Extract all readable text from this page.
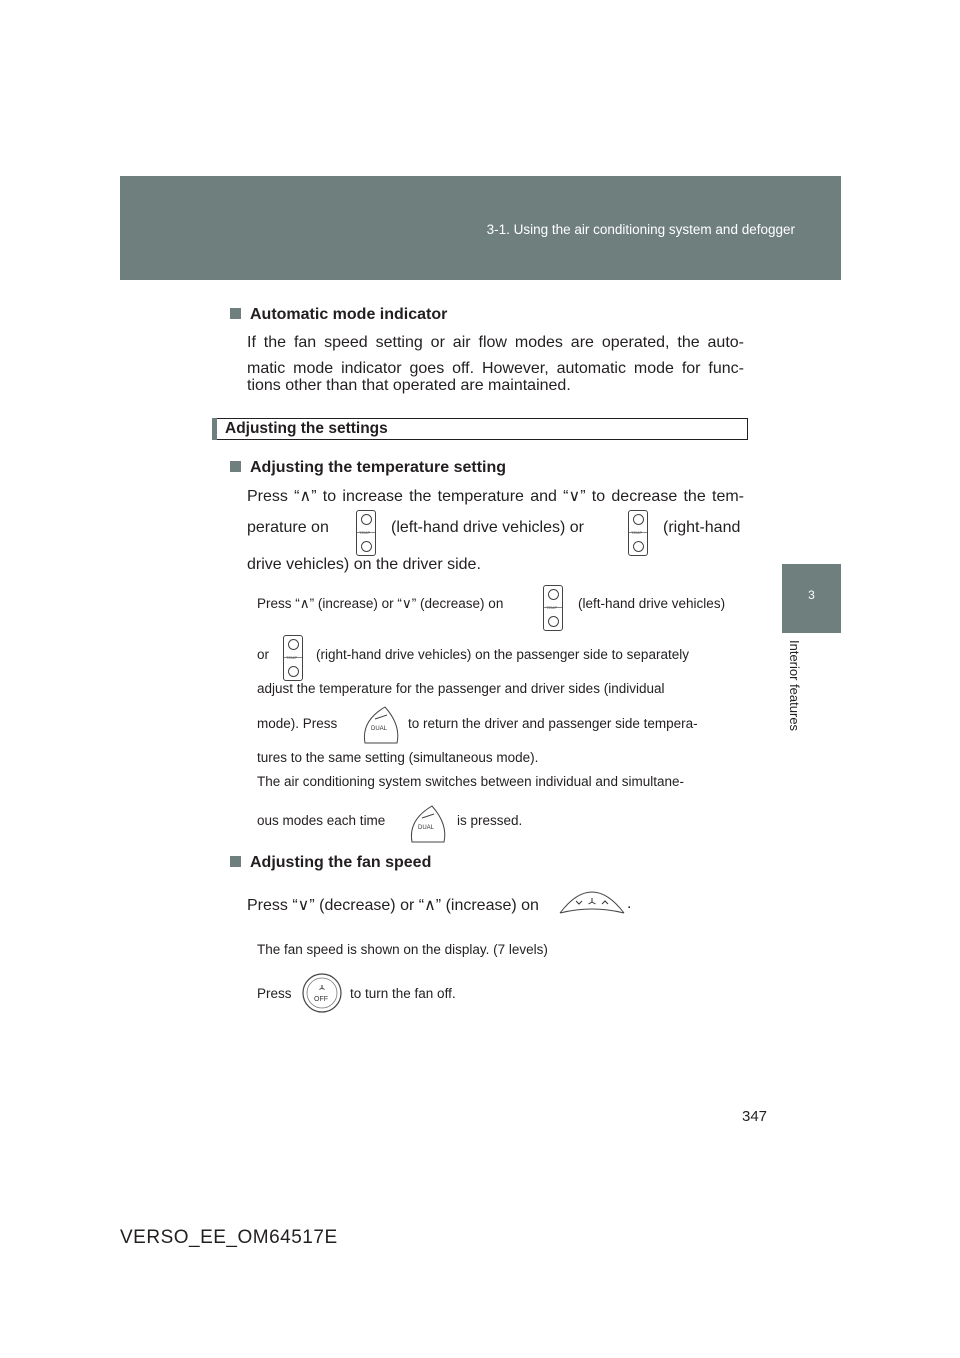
3-1. Using the air conditioning system and defogger
3
Interior features
Automatic mode indicator
If the fan speed setting or air flow modes are operated, the auto-
matic mode indicator goes off. However, automatic mode for func-
tions other than that operated are maintained.
Adjusting the settings
Adjusting the temperature setting
Press “∧” to increase the temperature and “∨” to decrease the tem-
perature on	TEMP (left-hand drive vehicles) or	TEMP (right-hand
drive vehicles) on the driver side.
Press “∧” (increase) or “∨” (decrease) on	TEMP (left-hand drive vehicles)
or	TEMP (right-hand drive vehicles) on the passenger side to separately
adjust the temperature for the passenger and driver sides (individual
mode). Press	DUAL to return the driver and passenger side tempera-
tures to the same setting (simultaneous mode).
The air conditioning system switches between individual and simultane-
ous modes each time	DUAL is pressed.
Adjusting the fan speed
Press “∨” (decrease) or “∧” (increase) on	.
The fan speed is shown on the display. (7 levels)
Press	OFF to turn the fan off.
347
VERSO_EE_OM64517E
